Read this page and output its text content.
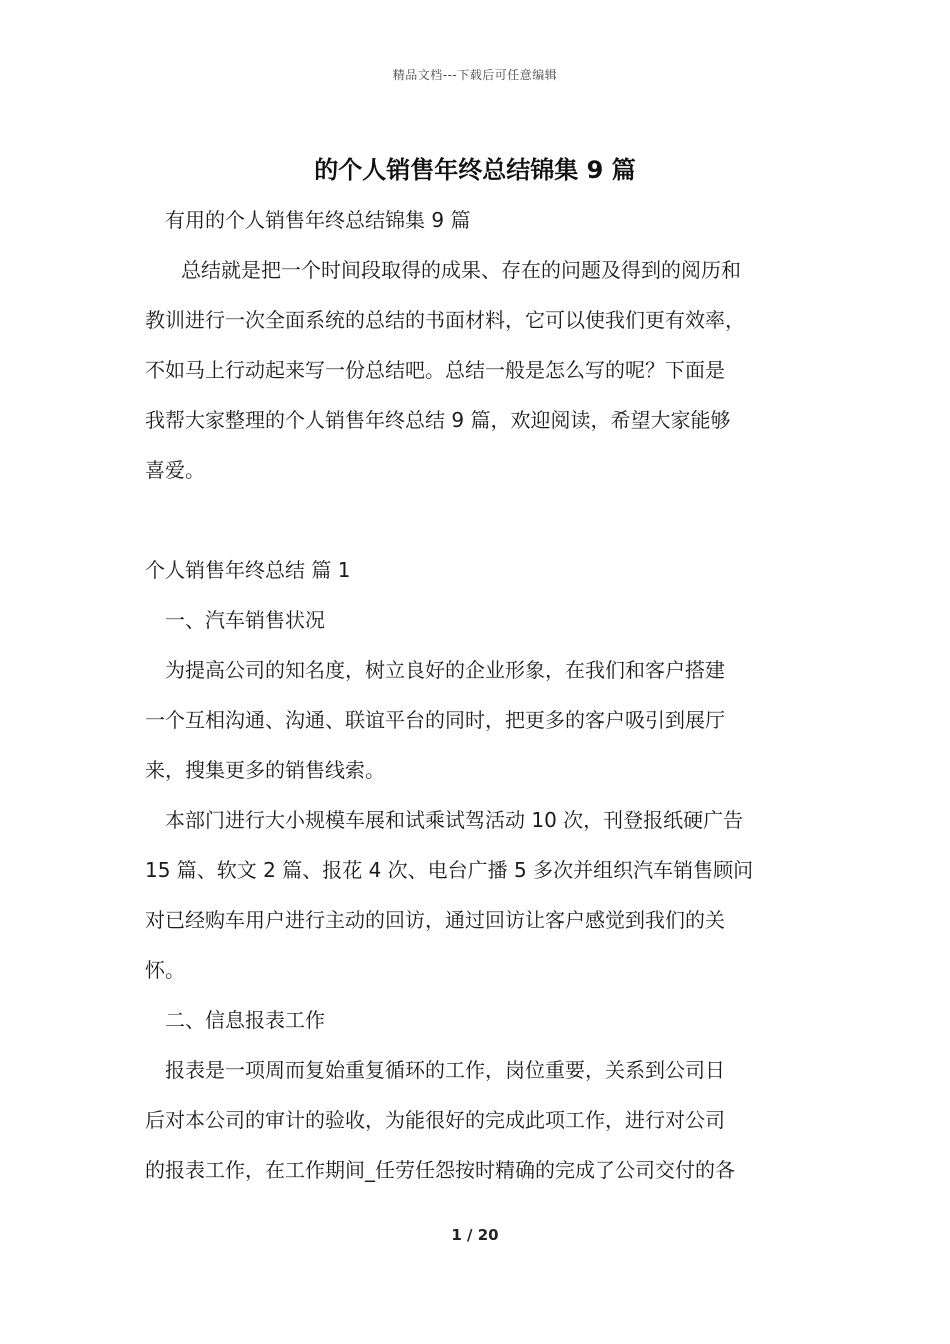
精品文档---下载后可任意编辑
的个人销售年终总结锦集 9 篇
有用的个人销售年终总结锦集 9 篇
总结就是把一个时间段取得的成果、存在的问题及得到的阅历和
教训进行一次全面系统的总结的书面材料，它可以使我们更有效率，
不如马上行动起来写一份总结吧。总结一般是怎么写的呢？下面是
我帮大家整理的个人销售年终总结 9 篇，欢迎阅读，希望大家能够
喜爱。
个人销售年终总结 篇 1
一、汽车销售状况
为提高公司的知名度，树立良好的企业形象，在我们和客户搭建
一个互相沟通、沟通、联谊平台的同时，把更多的客户吸引到展厅
来，搜集更多的销售线索。
本部门进行大小规模车展和试乘试驾活动 10 次，刊登报纸硬广告
15 篇、软文 2 篇、报花 4 次、电台广播 5 多次并组织汽车销售顾问
对已经购车用户进行主动的回访，通过回访让客户感觉到我们的关
怀。
二、信息报表工作
报表是一项周而复始重复循环的工作，岗位重要，关系到公司日
后对本公司的审计的验收，为能很好的完成此项工作，进行对公司
的报表工作，在工作期间_任劳任怨按时精确的完成了公司交付的各
1 / 20
